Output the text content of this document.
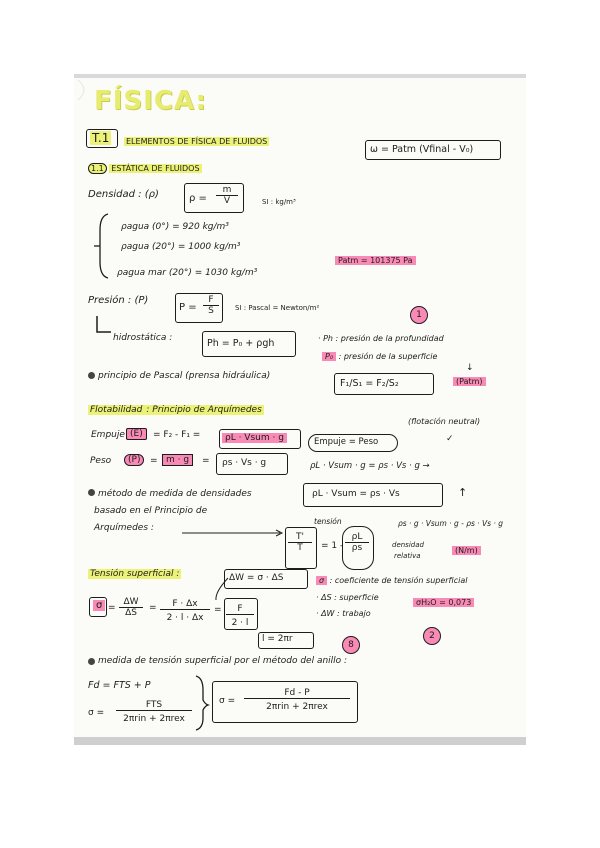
FÍSICA:
T.1 ELEMENTOS DE FÍSICA DE FLUIDOS
ω = Patm (Vfinal - V₀)
1.1 ESTÁTICA DE FLUIDOS
Densidad : (ρ)	$\rho = \frac{m}{V}$	SI : kg/m³
ρagua (0°) = 920 kg/m³
ρagua (20°) = 1000 kg/m³
ρagua mar (20°) = 1030 kg/m³
Patm = 101375 Pa
Presión : (P)
$P = \frac{F}{S}$ SI : Pascal = Newton/m²
1
hidrostática :	Ph = P₀ + ρgh	· Ph : presión de la profundidad
P₀ : presión de la superficie
↓
(Patm)
principio de Pascal (prensa hidráulica)
F₁/S₁ = F₂/S₂
Flotabilidad : Principio de Arquímedes
(flotación neutral)
✓
Empuje (E)	= F₂ - F₁ =	ρL · Vsum · g	Empuje = Peso
Peso	(P)	= m · g	= ρs · Vs · g	ρL · Vsum · g = ρs · Vs · g →
método de medida de densidades
basado en el Principio de
Arquímedes :
ρL · Vsum = ρs · Vs	↑
tensión	ρs · g · Vsum · g - ρs · Vs · g
$\frac{T'}{T} = 1 - \frac{\rho L}{\rho s}$	densidad
relativa
(N/m)
Tensión superficial :	ΔW = σ · ΔS	σ : coeficiente de tensión superficial
· ΔS : superficie
· ΔW : trabajo
σH₂O = 0,073
$\sigma = \frac{\Delta W}{\Delta S} = \frac{F \cdot \Delta x}{2 \cdot l \cdot \Delta x} = \frac{F}{2 \cdot l}$
l = 2πr
8
2
medida de tensión superficial por el método del anillo :
Fd = FTS + P
σ =
FTS
2πrin + 2πrex
σ =
Fd - P
2πrin + 2πrex
